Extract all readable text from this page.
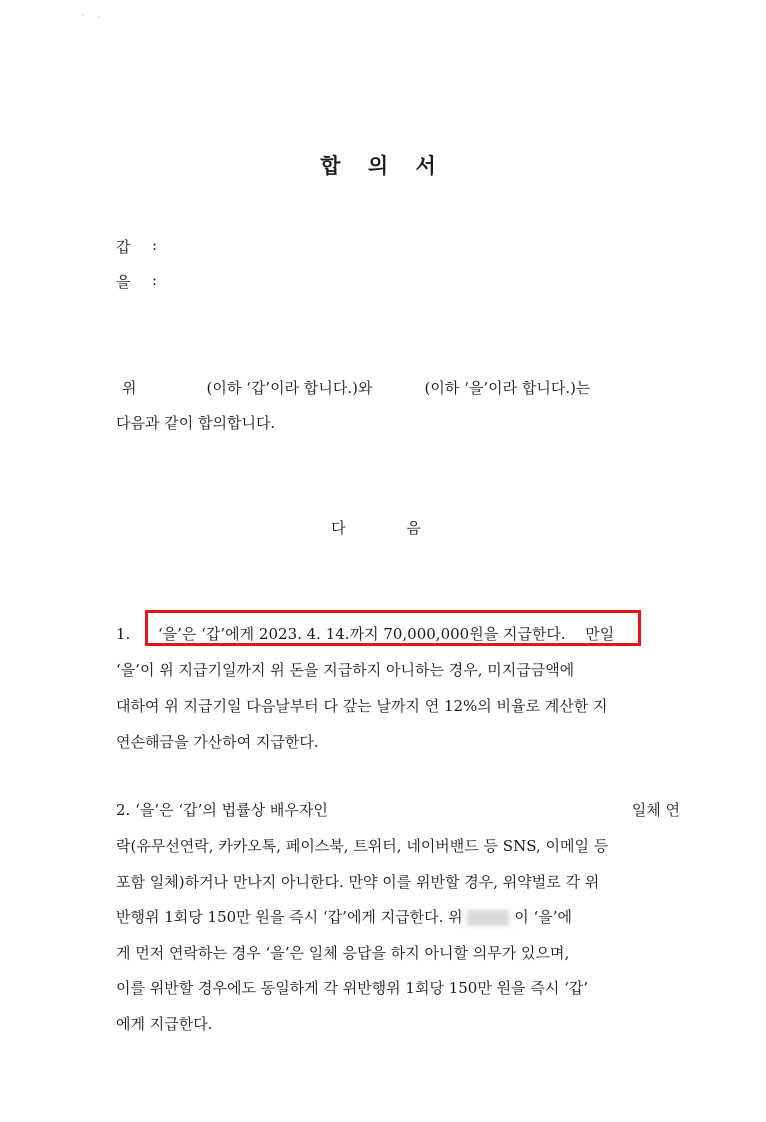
합 의 서
갑 :
을 :
위	(이하 ‘갑’이라 합니다.)와	(이하 ‘을’이라 합니다.)는
다음과 같이 합의합니다.
다 음
1. ‘을’은 ‘갑’에게 2023. 4. 14.까지 70,000,000원을 지급한다. 만일
‘을’이 위 지급기일까지 위 돈을 지급하지 아니하는 경우, 미지급금액에
대하여 위 지급기일 다음날부터 다 갚는 날까지 연 12%의 비율로 계산한 지
연손해금을 가산하여 지급한다.
2. ‘을’은 ‘갑’의 법률상 배우자인	일체 연
락(유무선연락, 카카오톡, 페이스북, 트위터, 네이버밴드 등 SNS, 이메일 등
포함 일체)하거나 만나지 아니한다. 만약 이를 위반할 경우, 위약벌로 각 위
반행위 1회당 150만 원을 즉시 ‘갑’에게 지급한다. 위	이 ‘을’에
게 먼저 연락하는 경우 ‘을’은 일체 응답을 하지 아니할 의무가 있으며,
이를 위반할 경우에도 동일하게 각 위반행위 1회당 150만 원을 즉시 ‘갑’
에게 지급한다.
